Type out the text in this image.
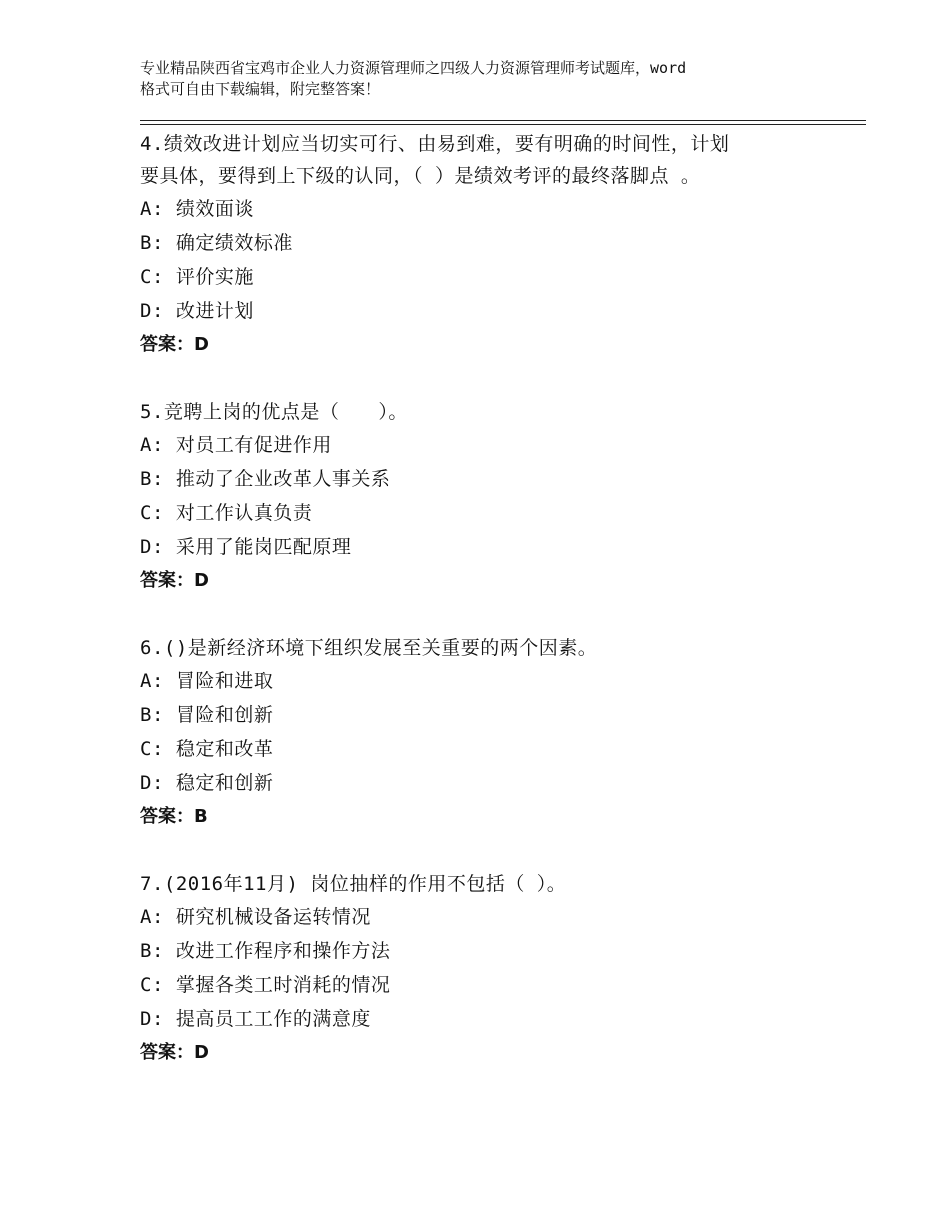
专业精品陕西省宝鸡市企业人力资源管理师之四级人力资源管理师考试题库，word
格式可自由下载编辑，附完整答案！
4.绩效改进计划应当切实可行、由易到难，要有明确的时间性，计划
要具体，要得到上下级的认同，（ ）是绩效考评的最终落脚点 。
A: 绩效面谈
B: 确定绩效标准
C: 评价实施
D: 改进计划
答案：D
5.竞聘上岗的优点是（　　）。
A: 对员工有促进作用
B: 推动了企业改革人事关系
C: 对工作认真负责
D: 采用了能岗匹配原理
答案：D
6.()是新经济环境下组织发展至关重要的两个因素。
A: 冒险和进取
B: 冒险和创新
C: 稳定和改革
D: 稳定和创新
答案：B
7.(2016年11月) 岗位抽样的作用不包括（ ）。
A: 研究机械设备运转情况
B: 改进工作程序和操作方法
C: 掌握各类工时消耗的情况
D: 提高员工工作的满意度
答案：D
